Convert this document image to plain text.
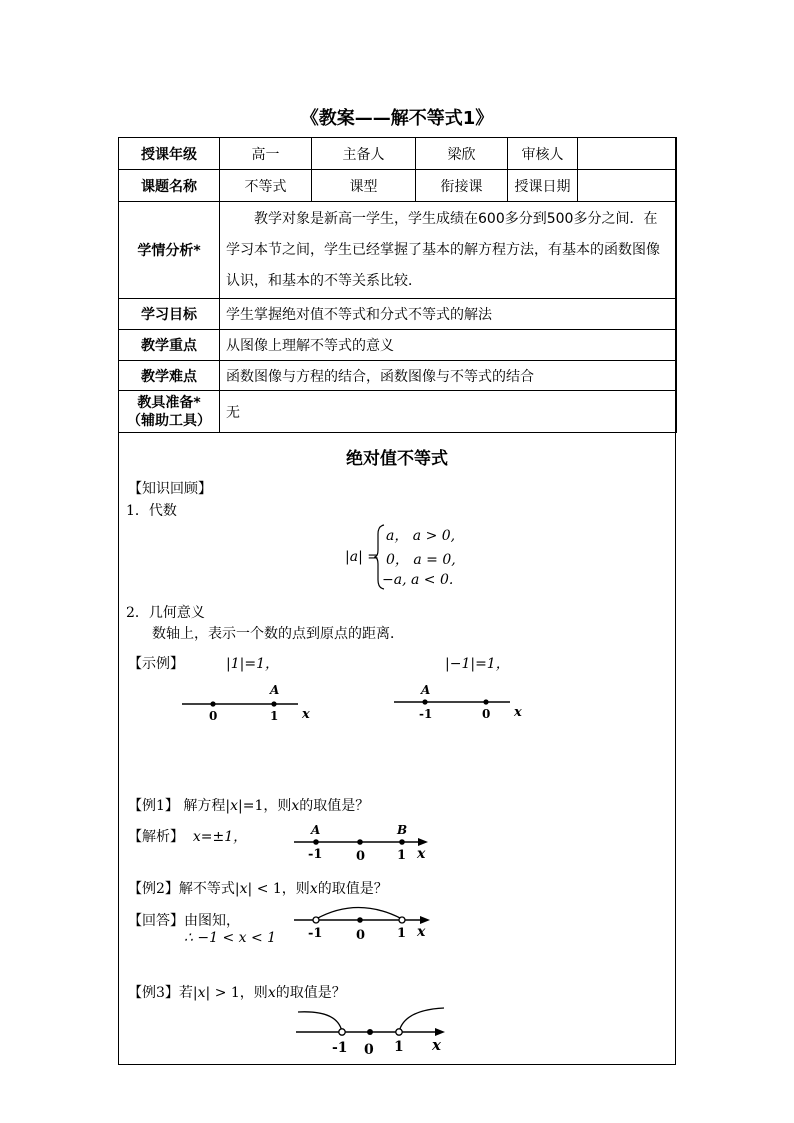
《教案——解不等式1》
授课年级	高一	主备人	梁欣	审核人	
课题名称	不等式	课型	衔接课	授课日期	
学情分析*	教学对象是新高一学生，学生成绩在600多分到500多分之间．在学习本节之间，学生已经掌握了基本的解方程方法，有基本的函数图像认识，和基本的不等关系比较．				
学习目标	学生掌握绝对值不等式和分式不等式的解法				
教学重点	从图像上理解不等式的意义				
教学难点	函数图像与方程的结合，函数图像与不等式的结合				
教具准备*
（辅助工具）	无				
绝对值不等式
【知识回顾】
1．代数
|a| =
a， a > 0,
0， a = 0,
−a, a < 0.
2．几何意义
数轴上，表示一个数的点到原点的距离．
【示例】	|1|=1，	|−1|=1，
A
0	1 x
A
-1	0 x
【例1】 解方程|x|=1，则x的取值是？
【解析】 x=±1，	A	B
-1	0 1 x
【例2】解不等式|x| < 1，则x的取值是？
【回答】由图知，
∴ −1 < x < 1 -1	0 1 x
【例3】若|x| > 1，则x的取值是？
-1 0 1 x
